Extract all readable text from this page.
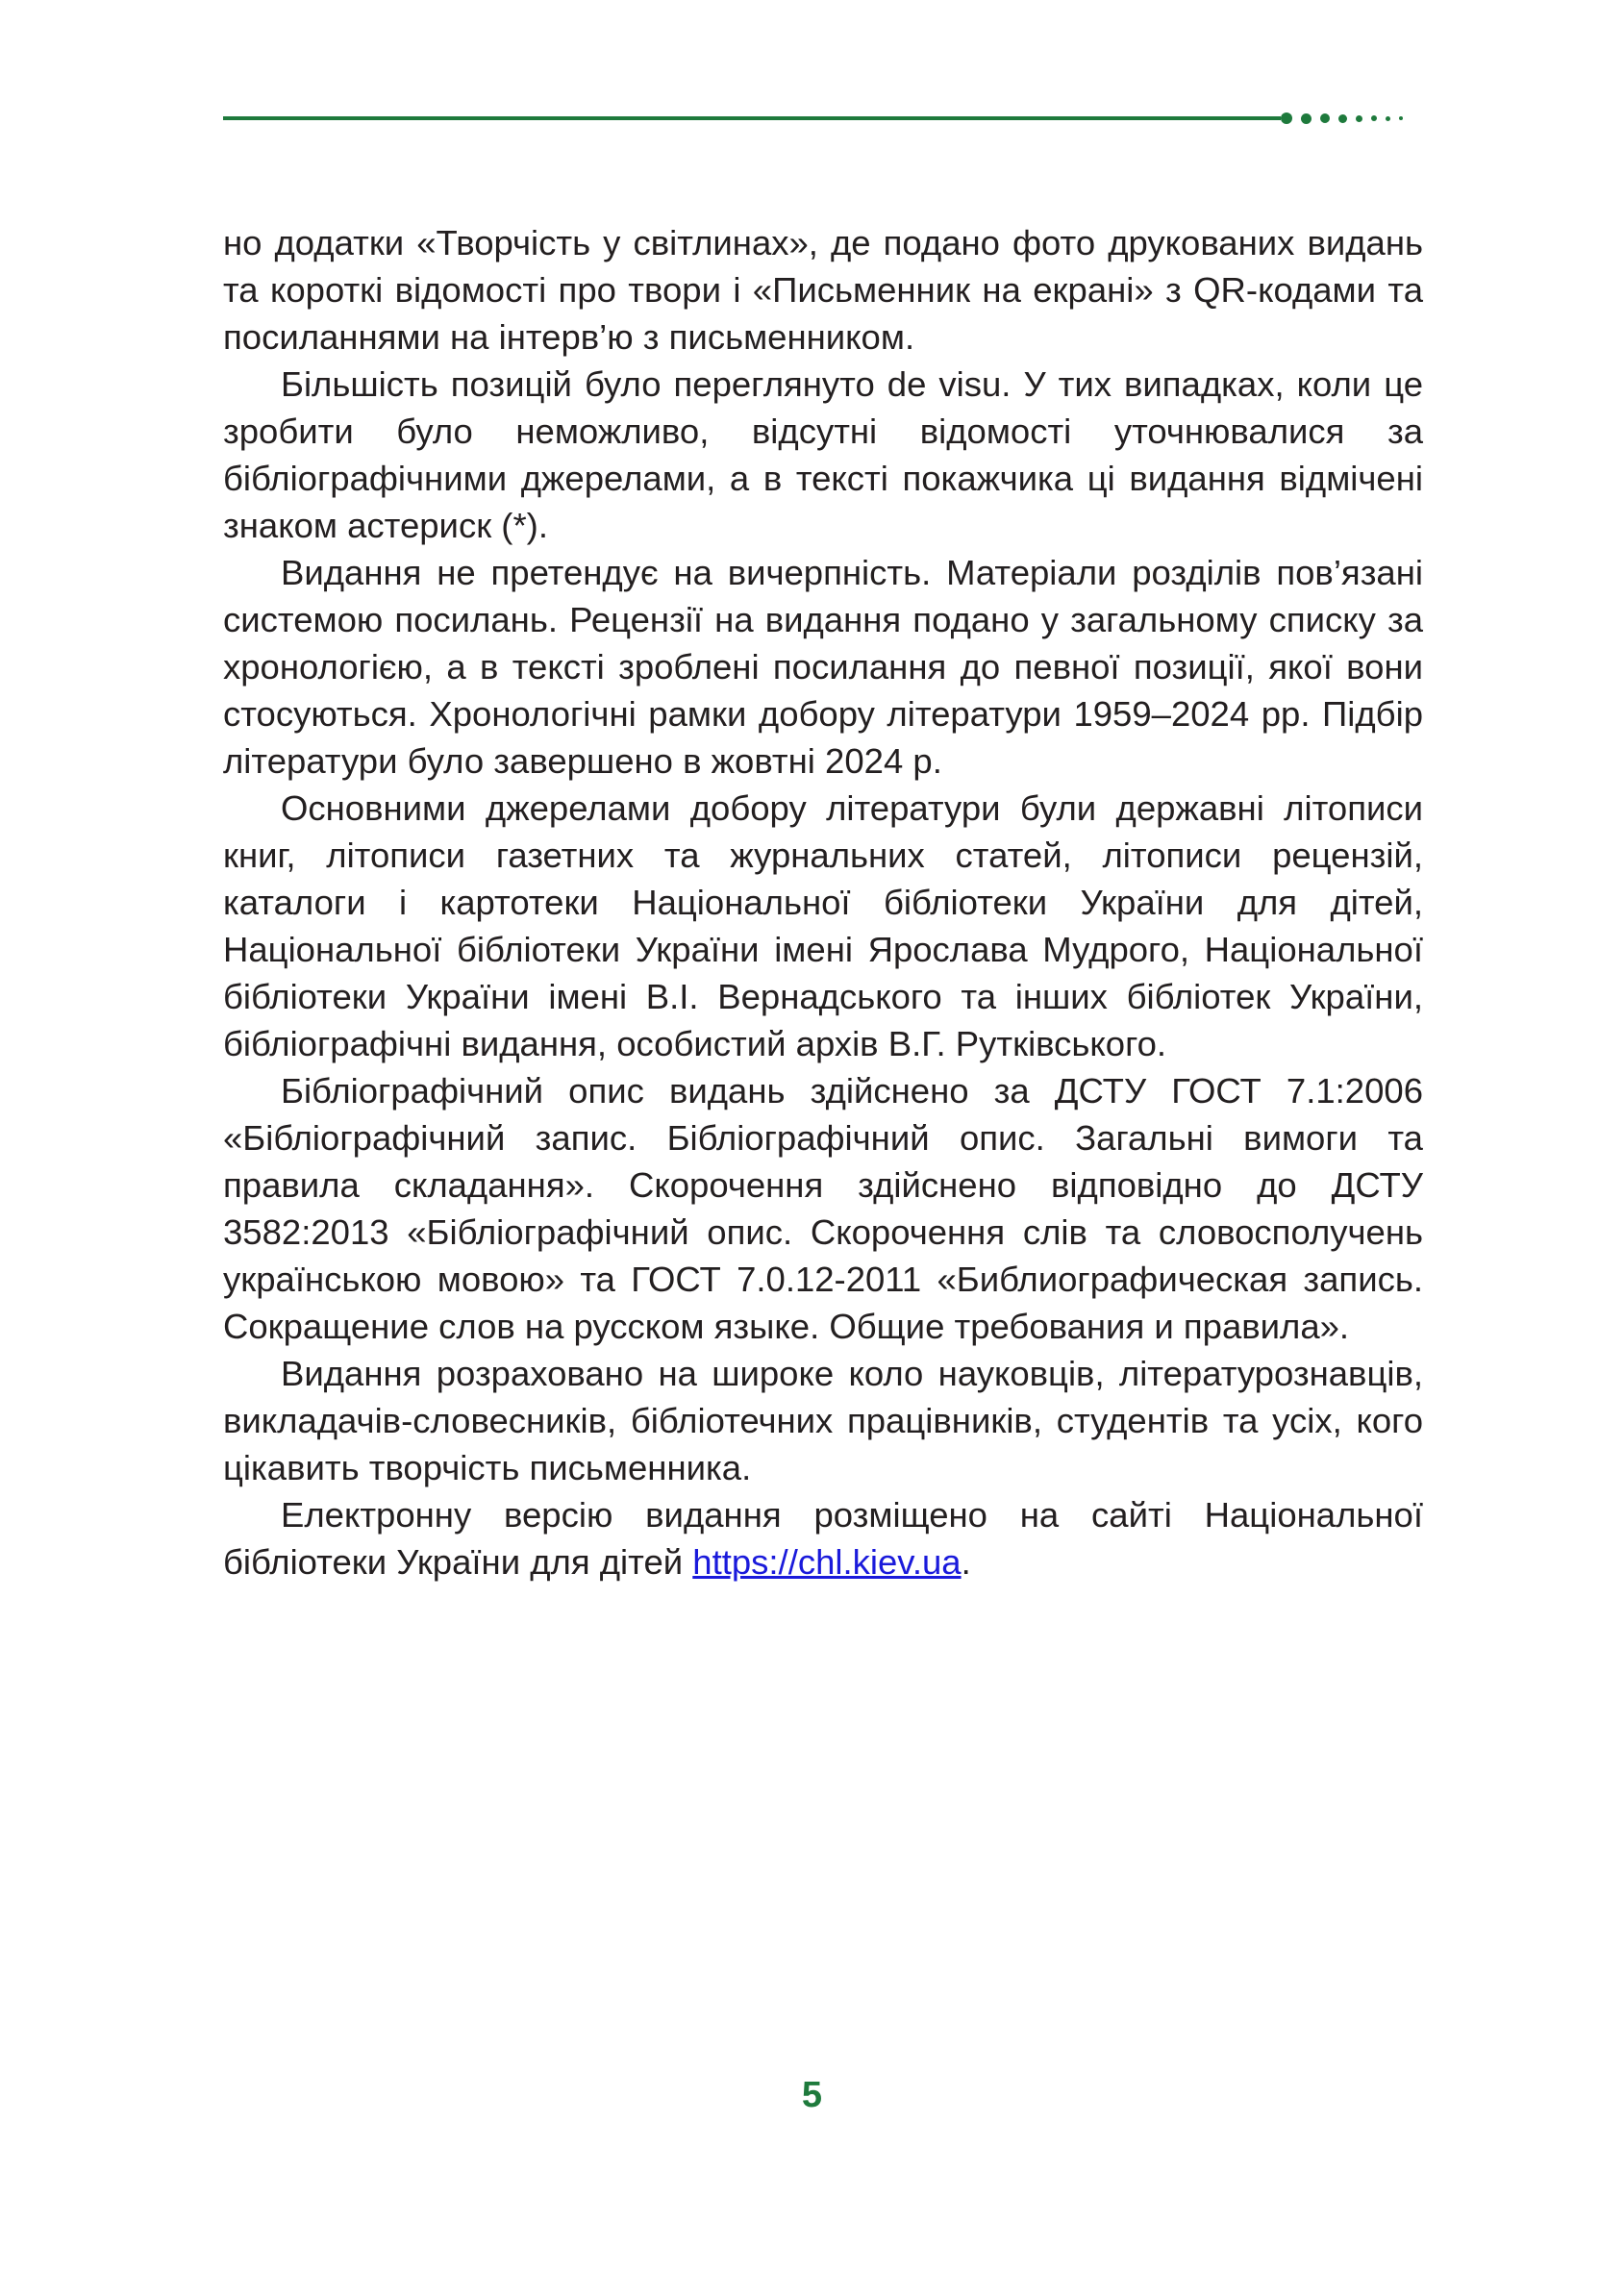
но додатки «Творчість у світлинах», де подано фото друкованих видань та короткі відомості про твори і «Письменник на екрані» з QR-кодами та посиланнями на інтерв’ю з письменником.

Більшість позицій було переглянуто de visu. У тих випадках, коли це зробити було неможливо, відсутні відомості уточнювалися за бібліографічними джерелами, а в тексті покажчика ці видання відмічені знаком астериск (*).

Видання не претендує на вичерпність. Матеріали розділів пов’язані системою посилань. Рецензії на видання подано у загальному списку за хронологією, а в тексті зроблені посилання до певної позиції, якої вони стосуються. Хронологічні рамки добору літератури 1959–2024 рр. Підбір літератури було завершено в жовтні 2024 р.

Основними джерелами добору літератури були державні літописи книг, літописи газетних та журнальних статей, літописи рецензій, каталоги і картотеки Національної бібліотеки України для дітей, Національної бібліотеки України імені Ярослава Мудрого, Національної бібліотеки України імені В.І. Вернадського та інших бібліотек України, бібліографічні видання, особистий архів В.Г. Рутківського.

Бібліографічний опис видань здійснено за ДСТУ ГОСТ 7.1:2006 «Бібліографічний запис. Бібліографічний опис. Загальні вимоги та правила складання». Скорочення здійснено відповідно до ДСТУ 3582:2013 «Бібліографічний опис. Скорочення слів та словосполучень українською мовою» та ГОСТ 7.0.12-2011 «Библиографическая запись. Сокращение слов на русском языке. Общие требования и правила».

Видання розраховано на широке коло науковців, літературознавців, викладачів-словесників, бібліотечних працівників, студентів та усіх, кого цікавить творчість письменника.

Електронну версію видання розміщено на сайті Національної бібліотеки України для дітей https://chl.kiev.ua.

5
